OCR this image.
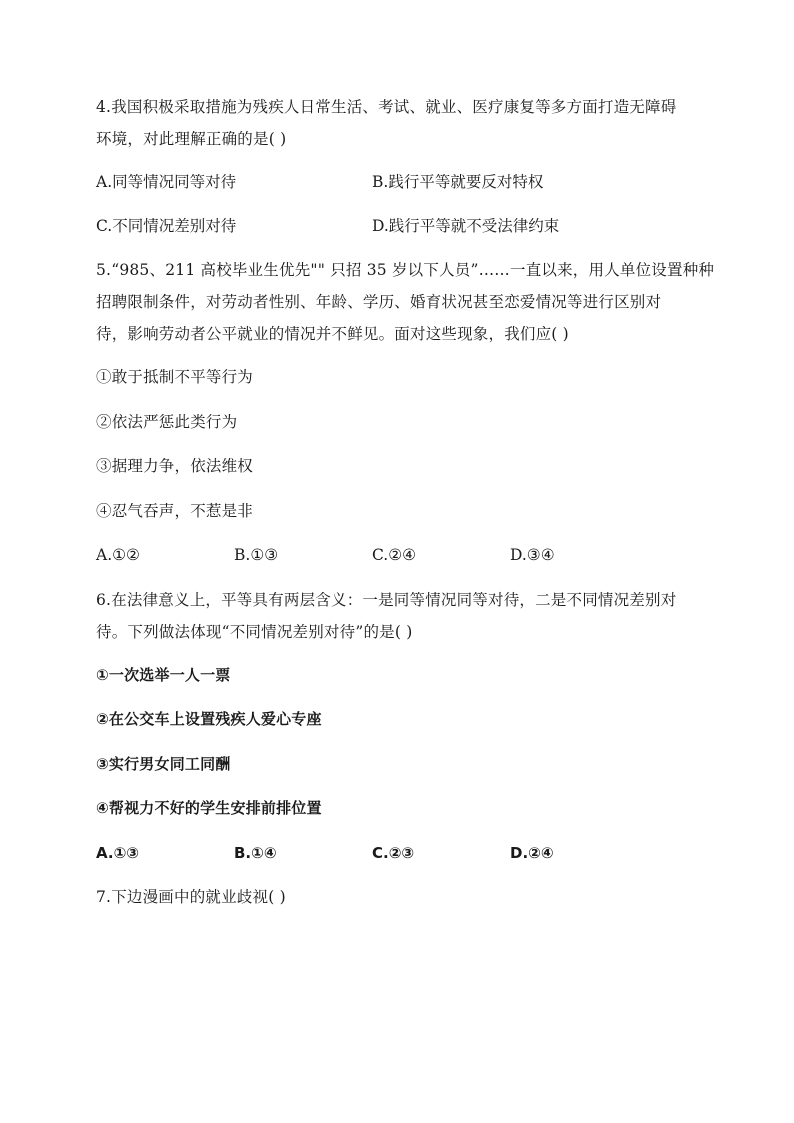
4.我国积极采取措施为残疾人日常生活、考试、就业、医疗康复等多方面打造无障碍
环境，对此理解正确的是( )
A.同等情况同等对待	B.践行平等就要反对特权
C.不同情况差别对待	D.践行平等就不受法律约束
5.“985、211 高校毕业生优先"" 只招 35 岁以下人员”……一直以来，用人单位设置种种
招聘限制条件，对劳动者性别、年龄、学历、婚育状况甚至恋爱情况等进行区别对
待，影响劳动者公平就业的情况并不鲜见。面对这些现象，我们应( )
①敢于抵制不平等行为
②依法严惩此类行为
③据理力争，依法维权
④忍气吞声，不惹是非
A.①②	B.①③	C.②④	D.③④
6.在法律意义上，平等具有两层含义：一是同等情况同等对待，二是不同情况差别对
待。下列做法体现“不同情况差别对待”的是( )
①一次选举一人一票
②在公交车上设置残疾人爱心专座
③实行男女同工同酬
④帮视力不好的学生安排前排位置
A.①③	B.①④	C.②③	D.②④
7.下边漫画中的就业歧视( )
